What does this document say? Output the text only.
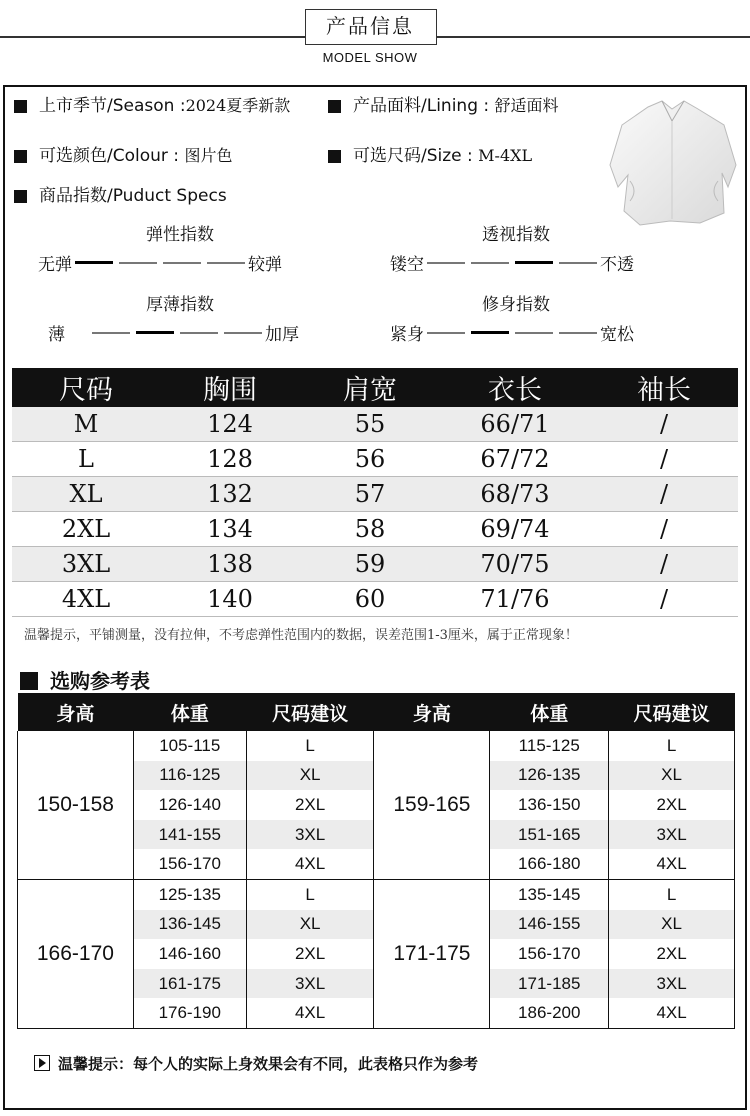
产品信息
MODEL SHOW
上市季节/Season :2024夏季新款	产品面料/Lining : 舒适面料
可选颜色/Colour : 图片色	可选尺码/Size : M-4XL
商品指数/Puduct Specs
弹性指数
无弹	较弹
透视指数
镂空	不透
厚薄指数
薄	加厚
修身指数
紧身	宽松
尺码	胸围	肩宽	衣长	袖长
M	124	55	66/71	/
L	128	56	67/72	/
XL	132	57	68/73	/
2XL	134	58	69/74	/
3XL	138	59	70/75	/
4XL	140	60	71/76	/
温馨提示，平铺测量，没有拉伸，不考虑弹性范围内的数据，误差范围1-3厘米，属于正常现象！
选购参考表
身高	体重	尺码建议	身高	体重	尺码建议
150-158	105-115	L	159-165	115-125	L
	116-125	XL		126-135	XL
	126-140	2XL		136-150	2XL
	141-155	3XL		151-165	3XL
	156-170	4XL		166-180	4XL
166-170	125-135	L	171-175	135-145	L
	136-145	XL		146-155	XL
	146-160	2XL		156-170	2XL
	161-175	3XL		171-185	3XL
	176-190	4XL		186-200	4XL
温馨提示：每个人的实际上身效果会有不同，此表格只作为参考
